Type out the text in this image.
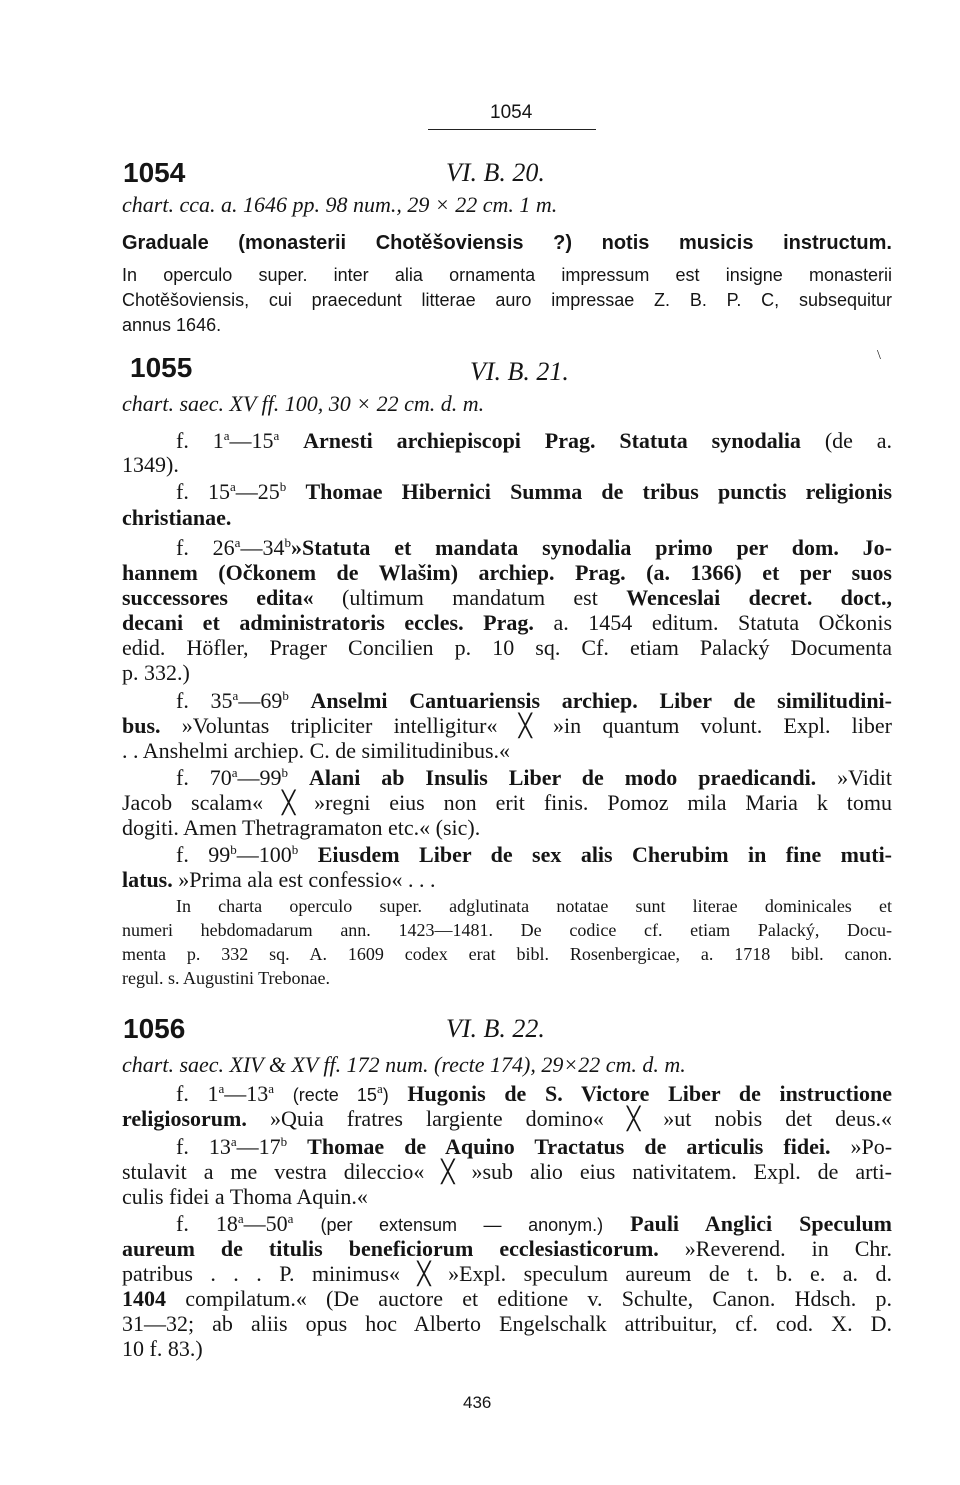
1054
1054	VI. B. 20.
chart. cca. a. 1646 pp. 98 num., 29 × 22 cm. 1 m.
Graduale (monasterii Chotěšoviensis ?) notis musicis instructum.
In operculo super. inter alia ornamenta impressum est insigne monasterii
Chotěšoviensis, cui praecedunt litterae auro impressae Z. B. P. C, subsequitur
annus 1646.
\
1055	VI. B. 21.
chart. saec. XV ff. 100, 30 × 22 cm. d. m.
f. 1$^a$—15$^a$ Arnesti archiepiscopi Prag. Statuta synodalia (de a.
1349).
f. 15$^a$—25$^b$ Thomae Hibernici Summa de tribus punctis religionis
christianae.
f. 26$^a$—34$^b$»Statuta et mandata synodalia primo per dom. Jo-
hannem (Očkonem de Wlašim) archiep. Prag. (a. 1366) et per suos
successores edita« (ultimum mandatum est Wenceslai decret. doct.,
decani et administratoris eccles. Prag. a. 1454 editum. Statuta Očkonis
edid. Höfler, Prager Concilien p. 10 sq. Cf. etiam Palacký Documenta
p. 332.)
f. 35$^a$—69$^b$ Anselmi Cantuariensis archiep. Liber de similitudini-
bus. »Voluntas tripliciter intelligitur« ╳ »in quantum volunt. Expl. liber
. . Anshelmi archiep. C. de similitudinibus.«
f. 70$^a$—99$^b$ Alani ab Insulis Liber de modo praedicandi. »Vidit
Jacob scalam« ╳ »regni eius non erit finis. Pomoz mila Maria k tomu
dogiti. Amen Thetragramaton etc.« (sic).
f. 99$^b$—100$^b$ Eiusdem Liber de sex alis Cherubim in fine muti-
latus. »Prima ala est confessio« . . .
In charta operculo super. adglutinata notatae sunt literae dominicales et
numeri hebdomadarum ann. 1423—1481. De codice cf. etiam Palacký, Docu-
menta p. 332 sq. A. 1609 codex erat bibl. Rosenbergicae, a. 1718 bibl. canon.
regul. s. Augustini Trebonae.
1056	VI. B. 22.
chart. saec. XIV & XV ff. 172 num. (recte 174), 29×22 cm. d. m.
f. 1$^a$—13$^a$ (recte 15$^a$) Hugonis de S. Victore Liber de instructione
religiosorum. »Quia fratres largiente domino« ╳ »ut nobis det deus.«
f. 13$^a$—17$^b$ Thomae de Aquino Tractatus de articulis fidei. »Po-
stulavit a me vestra dileccio« ╳ »sub alio eius nativitatem. Expl. de arti-
culis fidei a Thoma Aquin.«
f. 18$^a$—50$^a$ (per extensum — anonym.) Pauli Anglici Speculum
aureum de titulis beneficiorum ecclesiasticorum. »Reverend. in Chr.
patribus . . . P. minimus« ╳ »Expl. speculum aureum de t. b. e. a. d.
1404 compilatum.« (De auctore et editione v. Schulte, Canon. Hdsch. p.
31—32; ab aliis opus hoc Alberto Engelschalk attribuitur, cf. cod. X. D.
10 f. 83.)
436
